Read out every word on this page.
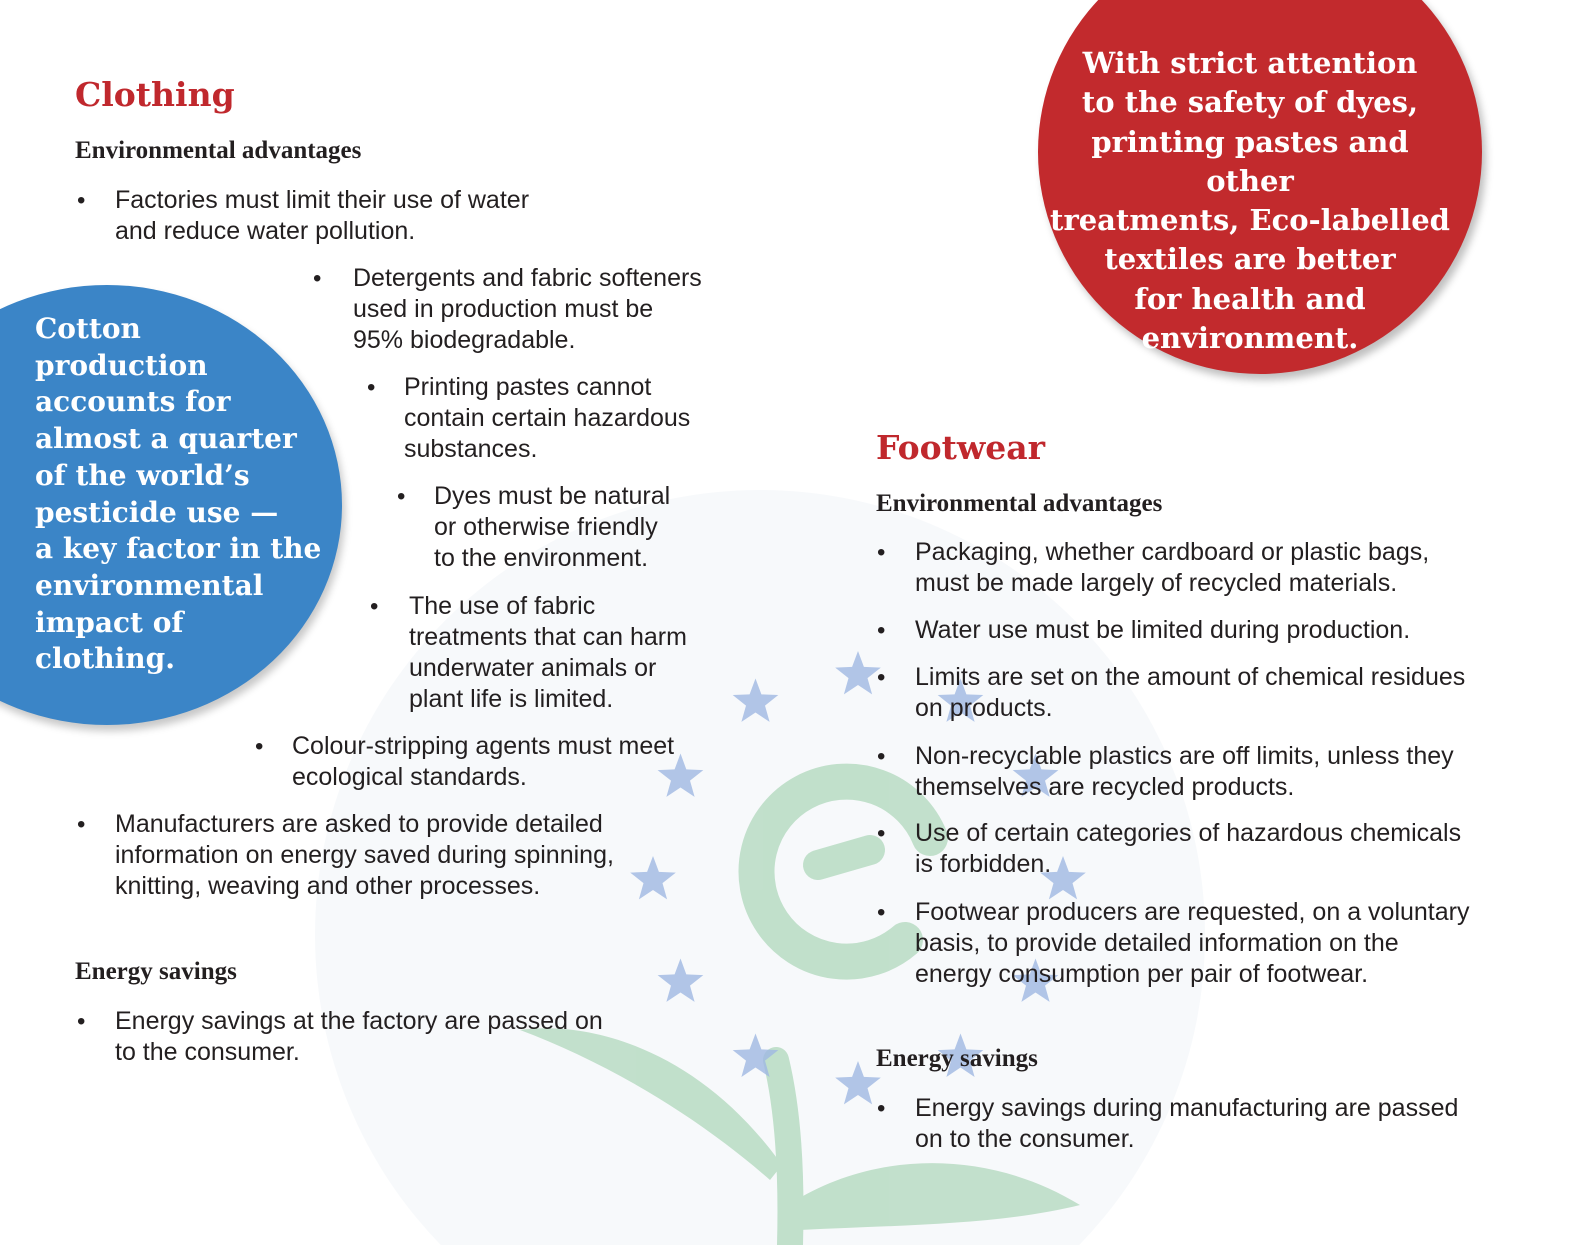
Clothing
Environmental advantages
• Factories must limit their use of water
and reduce water pollution.
• Detergents and fabric softeners
used in production must be
95% biodegradable.
• Printing pastes cannot
contain certain hazardous
substances.
• Dyes must be natural
or otherwise friendly
to the environment.
• The use of fabric
treatments that can harm
underwater animals or
plant life is limited.
• Colour-stripping agents must meet
ecological standards.
• Manufacturers are asked to provide detailed
information on energy saved during spinning,
knitting, weaving and other processes.
Energy savings
• Energy savings at the factory are passed on
to the consumer.
Footwear
Environmental advantages
• Packaging, whether cardboard or plastic bags,
must be made largely of recycled materials.
• Water use must be limited during production.
• Limits are set on the amount of chemical residues
on products.
• Non-recyclable plastics are off limits, unless they
themselves are recycled products.
• Use of certain categories of hazardous chemicals
is forbidden.
• Footwear producers are requested, on a voluntary
basis, to provide detailed information on the
energy consumption per pair of footwear.
Energy savings
• Energy savings during manufacturing are passed
on to the consumer.
Cotton
production
accounts for
almost a quarter
of the world’s
pesticide use —
a key factor in the
environmental
impact of
clothing.
With strict attention
to the safety of dyes,
printing pastes and other
treatments, Eco-labelled
textiles are better
for health and
environment.
